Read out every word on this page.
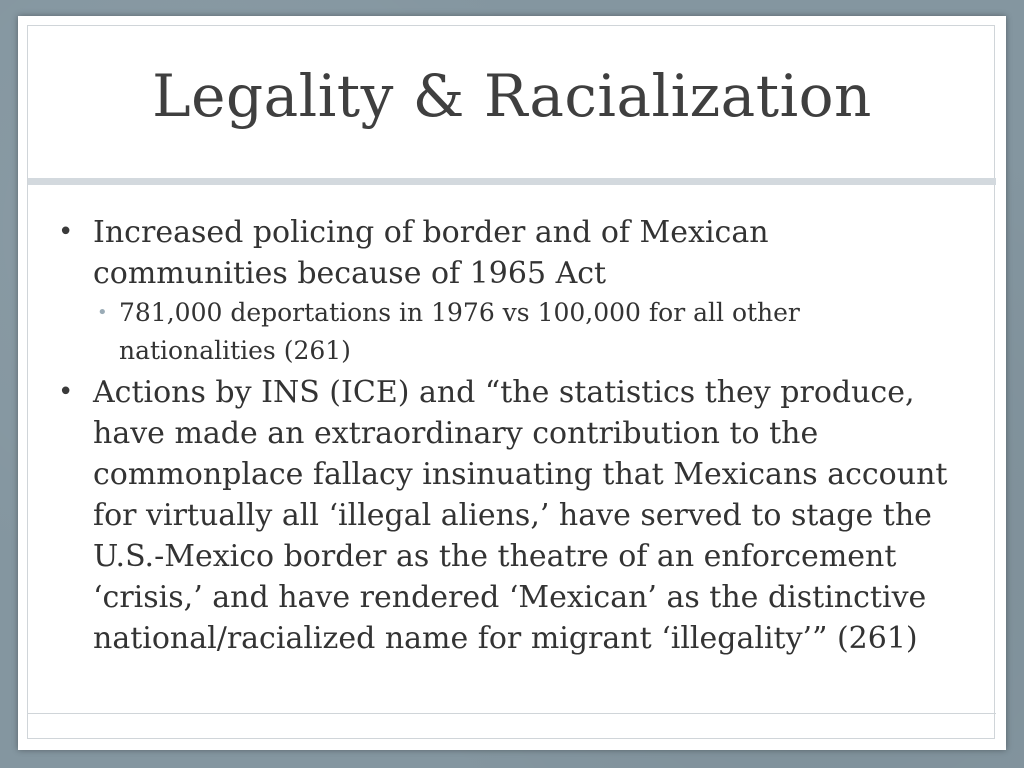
Legality & Racialization
• Increased policing of border and of Mexican communities because of 1965 Act
• 781,000 deportations in 1976 vs 100,000 for all other nationalities (261)
• Actions by INS (ICE) and “the statistics they produce, have made an extraordinary contribution to the commonplace fallacy insinuating that Mexicans account for virtually all ‘illegal aliens,’ have served to stage the U.S.-Mexico border as the theatre of an enforcement ‘crisis,’ and have rendered ‘Mexican’ as the distinctive national/racialized name for migrant ‘illegality’” (261)
